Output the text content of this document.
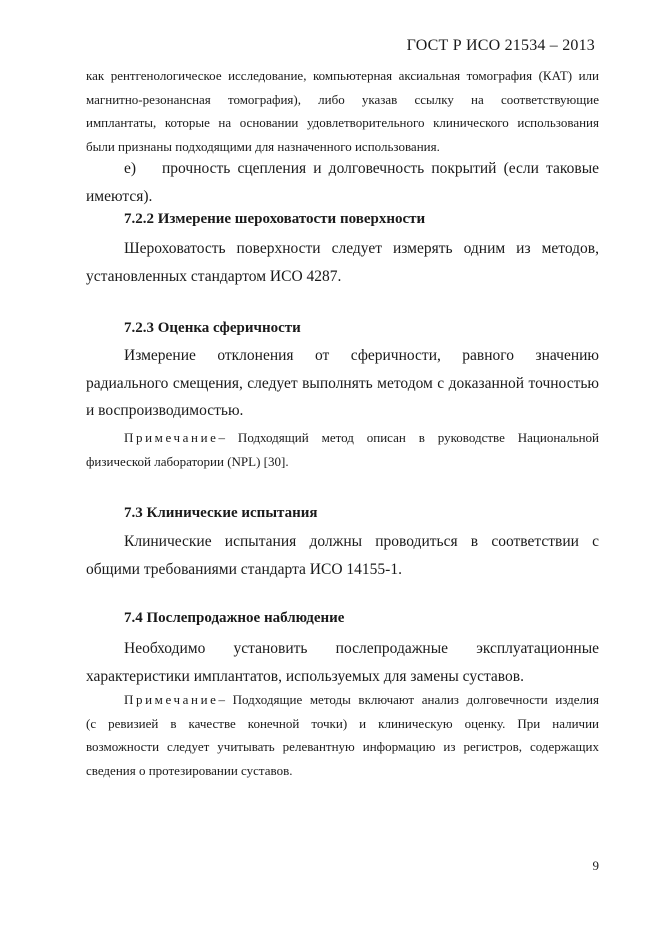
ГОСТ Р ИСО 21534 – 2013

как рентгенологическое исследование, компьютерная аксиальная томография (КАТ) или

магнитно-резонансная томография), либо указав ссылку на соответствующие

имплантаты, которые на основании удовлетворительного клинического использования

были признаны подходящими для назначенного использования.

е)	прочность сцепления и долговечность покрытий (если таковые

имеются).

7.2.2 Измерение шероховатости поверхности

Шероховатость поверхности следует измерять одним из методов,

установленных стандартом ИСО 4287.

7.2.3 Оценка сферичности

Измерение отклонения от сферичности, равного значению

радиального смещения, следует выполнять методом с доказанной точностью

и воспроизводимостью.

Примечание – Подходящий метод описан в руководстве Национальной

физической лаборатории (NPL) [30].

7.3 Клинические испытания

Клинические испытания должны проводиться в соответствии с

общими требованиями стандарта ИСО 14155-1.

7.4 Послепродажное наблюдение

Необходимо установить послепродажные эксплуатационные

характеристики имплантатов, используемых для замены суставов.

Примечание – Подходящие методы включают анализ долговечности изделия

(с ревизией в качестве конечной точки) и клиническую оценку. При наличии

возможности следует учитывать релевантную информацию из регистров, содержащих

сведения о протезировании суставов.

9
